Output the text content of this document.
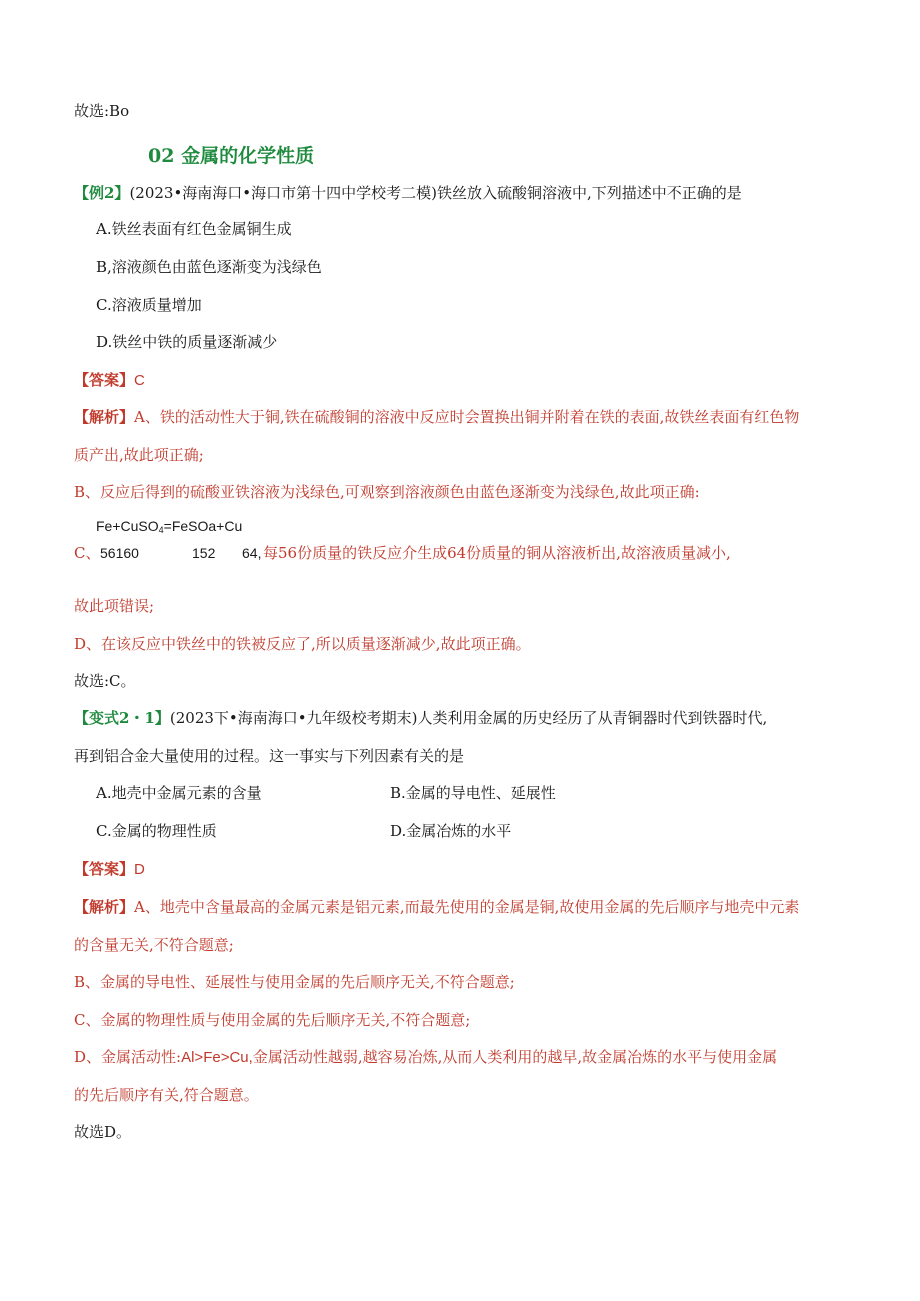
故选:Bo
02 金属的化学性质
【例2】(2023•海南海口•海口市第十四中学校考二模)铁丝放入硫酸铜溶液中,下列描述中不正确的是
A.铁丝表面有红色金属铜生成
B,溶液颜色由蓝色逐渐变为浅绿色
C.溶液质量增加
D.铁丝中铁的质量逐渐减少
【答案】C
【解析】A、铁的活动性大于铜,铁在硫酸铜的溶液中反应时会置换出铜并附着在铁的表面,故铁丝表面有红色物
质产出,故此项正确;
B、反应后得到的硫酸亚铁溶液为浅绿色,可观察到溶液颜色由蓝色逐渐变为浅绿色,故此项正确:
Fe+CuSO$_4$=FeSOa+Cu
C、 56160	152 64, 每56份质量的铁反应介生成64份质量的铜从溶液析出,故溶液质量减小,
故此项错误;
D、在该反应中铁丝中的铁被反应了,所以质量逐渐减少,故此项正确。
故选:C。
【变式2・1】(2023下•海南海口•九年级校考期末)人类利用金属的历史经历了从青铜器时代到铁器时代,
再到铝合金大量使用的过程。这一事实与下列因素有关的是
A.地壳中金属元素的含量	B.金属的导电性、延展性
C.金属的物理性质	D.金属冶炼的水平
【答案】D
【解析】A、地壳中含量最高的金属元素是铝元素,而最先使用的金属是铜,故使用金属的先后顺序与地壳中元素
的含量无关,不符合题意;
B、金属的导电性、延展性与使用金属的先后顺序无关,不符合题意;
C、金属的物理性质与使用金属的先后顺序无关,不符合题意;
D、金属活动性:Al>Fe>Cu,金属活动性越弱,越容易冶炼,从而人类利用的越早,故金属冶炼的水平与使用金属
的先后顺序有关,符合题意。
故选D。
